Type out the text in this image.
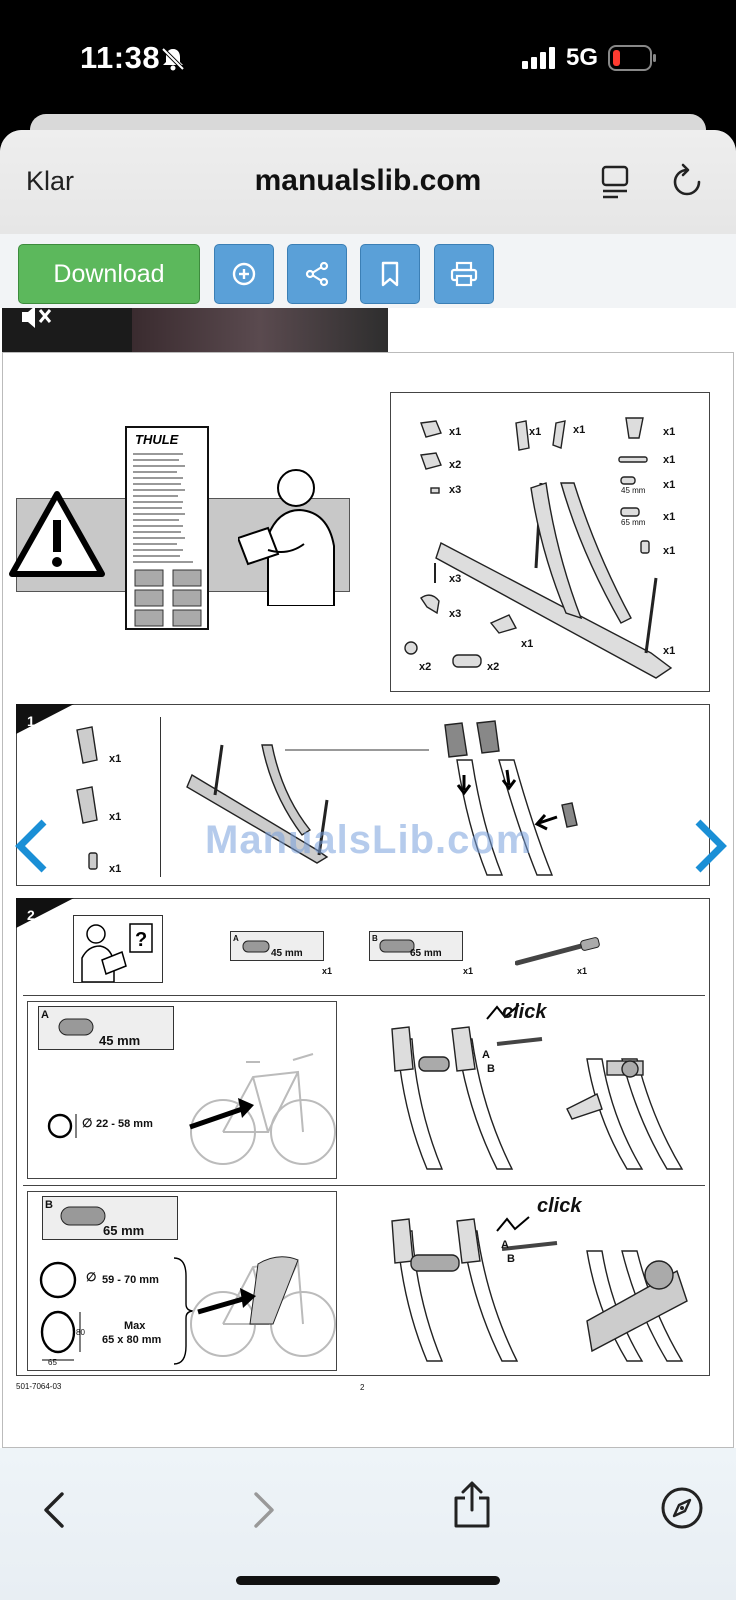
11:38	5G
Klar	manualslib.com
Download
THULE	x1
x2
x3
x1	x1	x1
x1
x1
45 mm
x1
65 mm
x1
x3
x3
x1
x1
x2	x2
1
x1
x1
x1
ManualsLib.com
2
?	A
45 mm
x1
B
65 mm
x1	x1
A
45 mm
∅ 22 - 58 mm
click
A
B
B
65 mm
∅ 59 - 70 mm
80
65
Max
65 x 80 mm
click
A
B
501-7064-03	2
